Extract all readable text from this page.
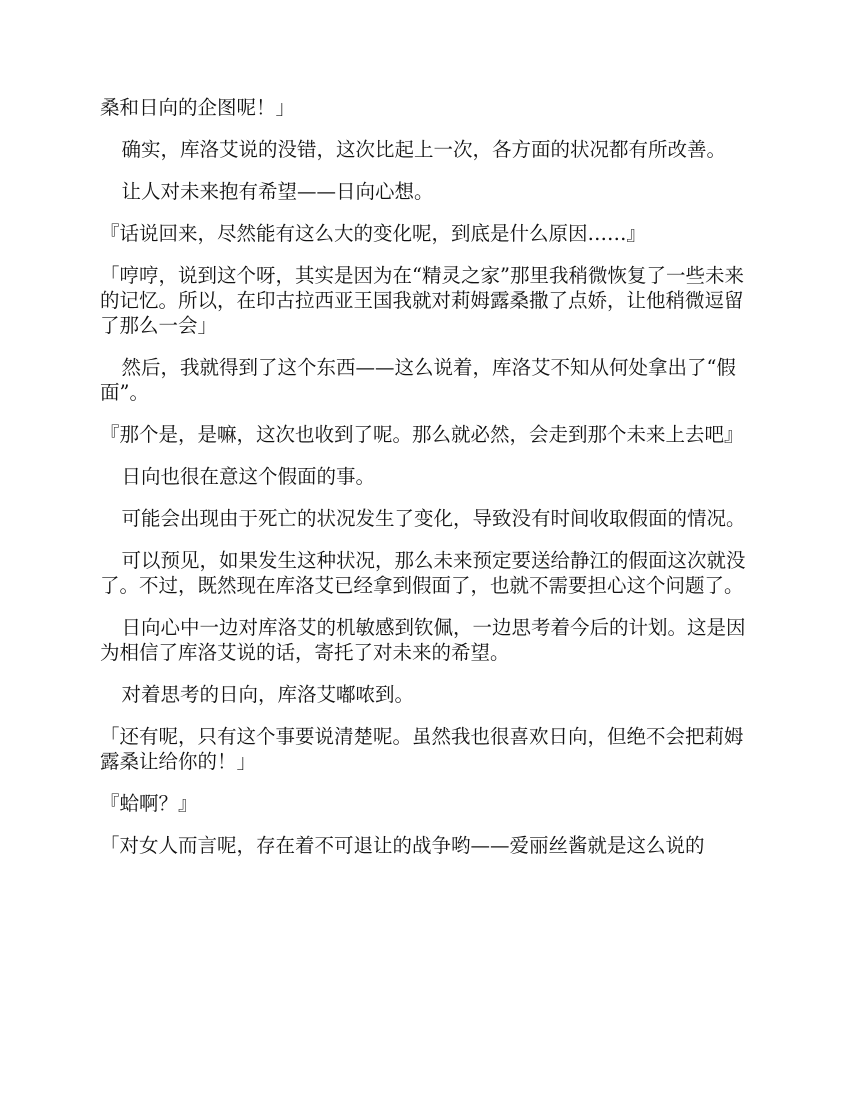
桑和日向的企图呢！」

确实，库洛艾说的没错，这次比起上一次，各方面的状况都有所改善。

让人对未来抱有希望——日向心想。

『话说回来，尽然能有这么大的变化呢，到底是什么原因……』

「哼哼，说到这个呀，其实是因为在“精灵之家”那里我稍微恢复了一些未来的记忆。所以，在印古拉西亚王国我就对莉姆露桑撒了点娇，让他稍微逗留了那么一会」

然后，我就得到了这个东西——这么说着，库洛艾不知从何处拿出了“假面”。

『那个是，是嘛，这次也收到了呢。那么就必然，会走到那个未来上去吧』

日向也很在意这个假面的事。

可能会出现由于死亡的状况发生了变化，导致没有时间收取假面的情况。

可以预见，如果发生这种状况，那么未来预定要送给静江的假面这次就没了。不过，既然现在库洛艾已经拿到假面了，也就不需要担心这个问题了。

日向心中一边对库洛艾的机敏感到钦佩，一边思考着今后的计划。这是因为相信了库洛艾说的话，寄托了对未来的希望。

对着思考的日向，库洛艾嘟哝到。

「还有呢，只有这个事要说清楚呢。虽然我也很喜欢日向，但绝不会把莉姆露桑让给你的！」

『蛤啊？』

「对女人而言呢，存在着不可退让的战争哟——爱丽丝酱就是这么说的
